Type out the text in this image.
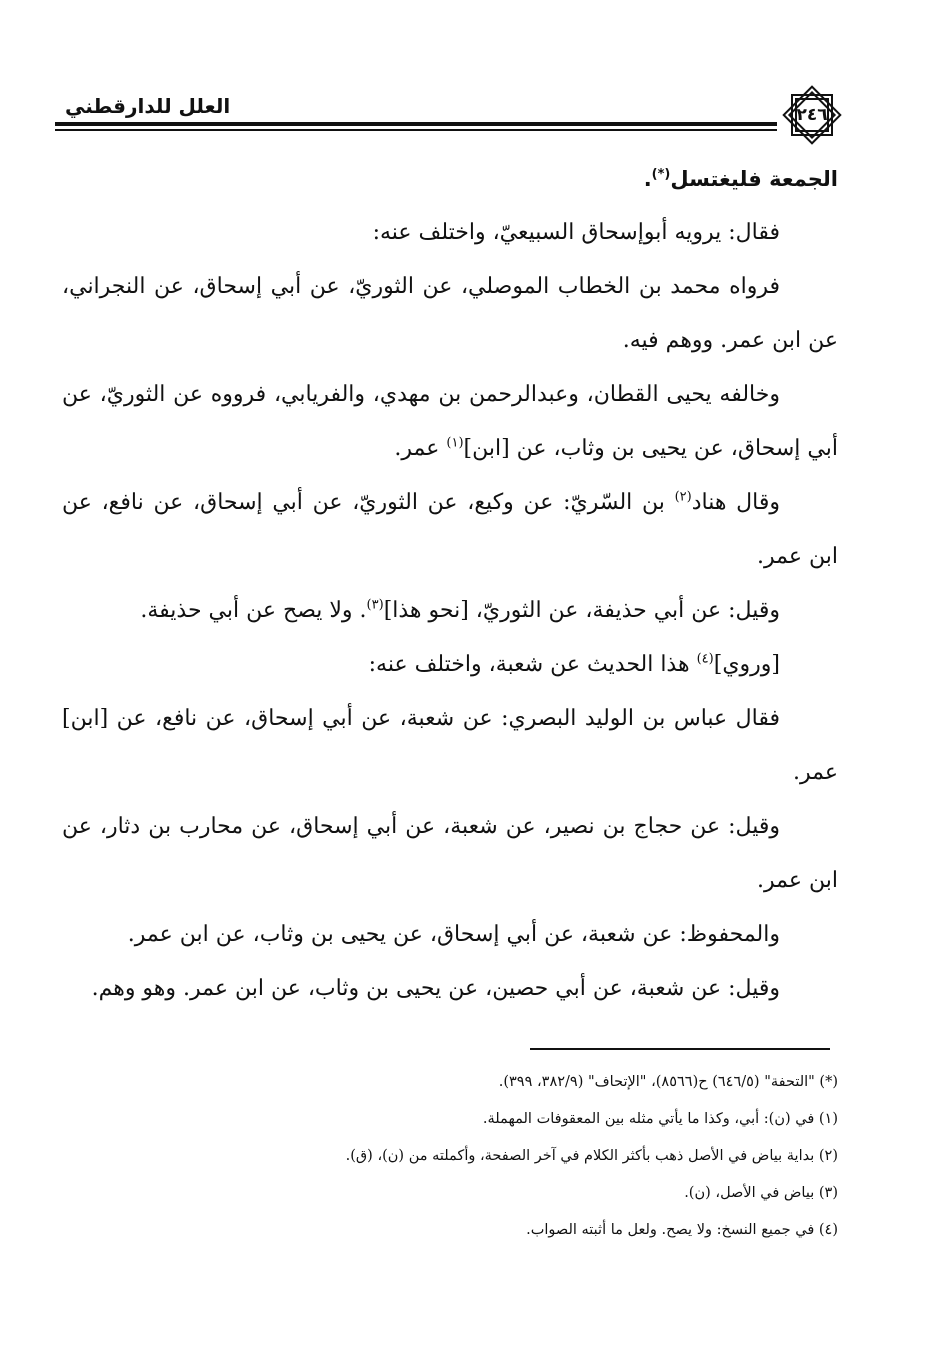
العلل للدارقطني	٢٤٦

الجمعة فليغتسل(*).

فقال: يرويه أبوإسحاق السبيعيّ، واختلف عنه:

فرواه محمد بن الخطاب الموصلي، عن الثوريّ، عن أبي إسحاق، عن النجراني، عن ابن عمر. ووهم فيه.

وخالفه يحيى القطان، وعبدالرحمن بن مهدي، والفريابي، فرووه عن الثوريّ، عن أبي إسحاق، عن يحيى بن وثاب، عن [ابن]$^{(١)}$ عمر.

وقال هناد$^{(٢)}$ بن السّريّ: عن وكيع، عن الثوريّ، عن أبي إسحاق، عن نافع، عن ابن عمر.

وقيل: عن أبي حذيفة، عن الثوريّ، [نحو هذا]$^{(٣)}$. ولا يصح عن أبي حذيفة.

[وروي]$^{(٤)}$ هذا الحديث عن شعبة، واختلف عنه:

فقال عباس بن الوليد البصري: عن شعبة، عن أبي إسحاق، عن نافع، عن [ابن] عمر.

وقيل: عن حجاج بن نصير، عن شعبة، عن أبي إسحاق، عن محارب بن دثار، عن ابن عمر.

والمحفوظ: عن شعبة، عن أبي إسحاق، عن يحيى بن وثاب، عن ابن عمر.

وقيل: عن شعبة، عن أبي حصين، عن يحيى بن وثاب، عن ابن عمر. وهو وهم.

(*) "التحفة" (٦٤٦/٥) ح(٨٥٦٦)، "الإتحاف" (٣٨٢/٩، ٣٩٩).

(١) في (ن): أبي، وكذا ما يأتي مثله بين المعقوفات المهملة.

(٢) بداية بياض في الأصل ذهب بأكثر الكلام في آخر الصفحة، وأكملته من (ن)، (ق).

(٣) بياض في الأصل، (ن).

(٤) في جميع النسخ: ولا يصح. ولعل ما أثبته الصواب.
